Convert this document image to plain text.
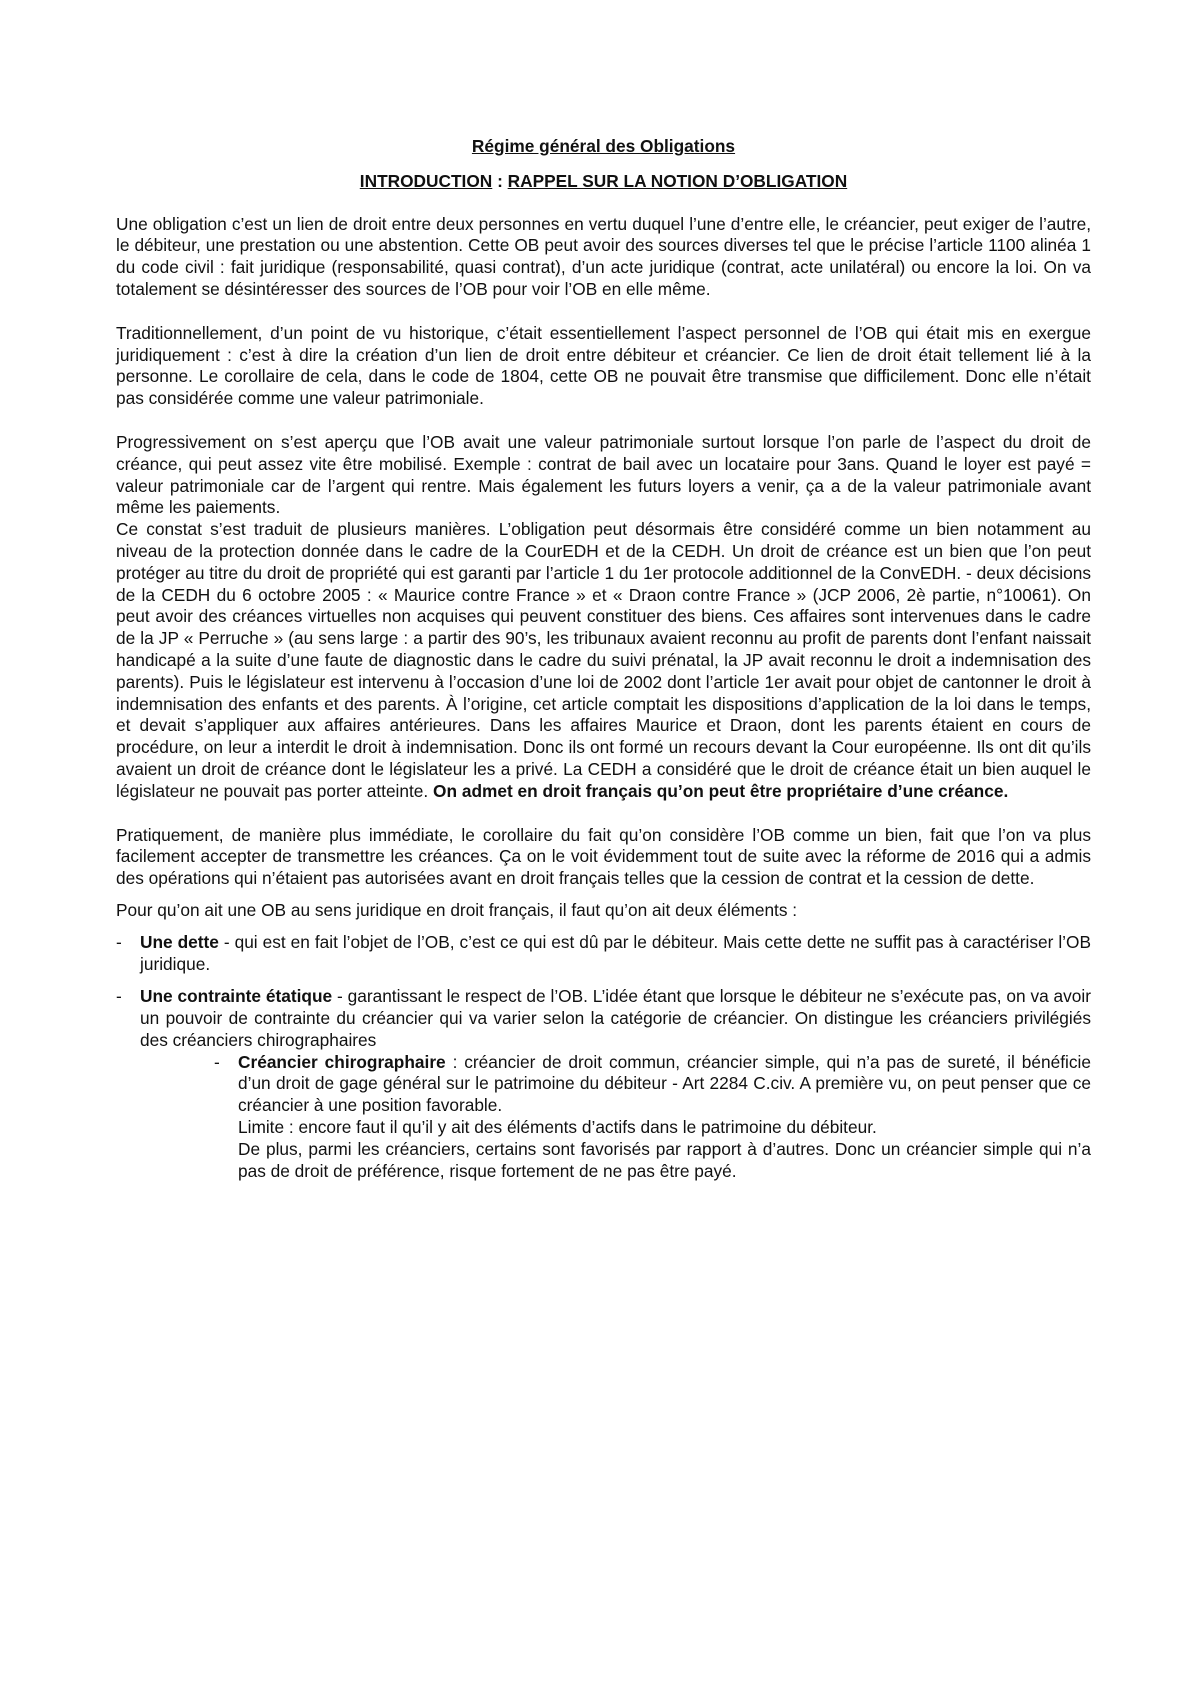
Régime général des Obligations
INTRODUCTION : RAPPEL SUR LA NOTION D’OBLIGATION

Une obligation c’est un lien de droit entre deux personnes en vertu duquel l’une d’entre elle, le créancier, peut exiger de l’autre, le débiteur, une prestation ou une abstention. Cette OB peut avoir des sources diverses tel que le précise l’article 1100 alinéa 1 du code civil : fait juridique (responsabilité, quasi contrat), d’un acte juridique (contrat, acte unilatéral) ou encore la loi. On va totalement se désintéresser des sources de l’OB pour voir l’OB en elle même.

Traditionnellement, d’un point de vu historique, c’était essentiellement l’aspect personnel de l’OB qui était mis en exergue juridiquement : c’est à dire la création d’un lien de droit entre débiteur et créancier. Ce lien de droit était tellement lié à la personne. Le corollaire de cela, dans le code de 1804, cette OB ne pouvait être transmise que difficilement. Donc elle n’était pas considérée comme une valeur patrimoniale.

Progressivement on s’est aperçu que l’OB avait une valeur patrimoniale surtout lorsque l’on parle de l’aspect du droit de créance, qui peut assez vite être mobilisé. Exemple : contrat de bail avec un locataire pour 3ans. Quand le loyer est payé = valeur patrimoniale car de l’argent qui rentre. Mais également les futurs loyers a venir, ça a de la valeur patrimoniale avant même les paiements.

Ce constat s’est traduit de plusieurs manières. L’obligation peut désormais être considéré comme un bien notamment au niveau de la protection donnée dans le cadre de la CourEDH et de la CEDH. Un droit de créance est un bien que l’on peut protéger au titre du droit de propriété qui est garanti par l’article 1 du 1er protocole additionnel de la ConvEDH. - deux décisions de la CEDH du 6 octobre 2005 : « Maurice contre France » et « Draon contre France » (JCP 2006, 2è partie, n°10061). On peut avoir des créances virtuelles non acquises qui peuvent constituer des biens. Ces affaires sont intervenues dans le cadre de la JP « Perruche » (au sens large : a partir des 90’s, les tribunaux avaient reconnu au profit de parents dont l’enfant naissait handicapé a la suite d’une faute de diagnostic dans le cadre du suivi prénatal, la JP avait reconnu le droit a indemnisation des parents). Puis le législateur est intervenu à l’occasion d’une loi de 2002 dont l’article 1er avait pour objet de cantonner le droit à indemnisation des enfants et des parents. À l’origine, cet article comptait les dispositions d’application de la loi dans le temps, et devait s’appliquer aux affaires antérieures. Dans les affaires Maurice et Draon, dont les parents étaient en cours de procédure, on leur a interdit le droit à indemnisation. Donc ils ont formé un recours devant la Cour européenne. Ils ont dit qu’ils avaient un droit de créance dont le législateur les a privé. La CEDH a considéré que le droit de créance était un bien auquel le législateur ne pouvait pas porter atteinte. On admet en droit français qu’on peut être propriétaire d’une créance.

Pratiquement, de manière plus immédiate, le corollaire du fait qu’on considère l’OB comme un bien, fait que l’on va plus facilement accepter de transmettre les créances. Ça on le voit évidemment tout de suite avec la réforme de 2016 qui a admis des opérations qui n’étaient pas autorisées avant en droit français telles que la cession de contrat et la cession de dette.

Pour qu’on ait une OB au sens juridique en droit français, il faut qu’on ait deux éléments :

- Une dette - qui est en fait l’objet de l’OB, c’est ce qui est dû par le débiteur. Mais cette dette ne suffit pas à caractériser l’OB juridique.
- Une contrainte étatique - garantissant le respect de l’OB. L’idée étant que lorsque le débiteur ne s’exécute pas, on va avoir un pouvoir de contrainte du créancier qui va varier selon la catégorie de créancier. On distingue les créanciers privilégiés des créanciers chirographaires
- Créancier chirographaire : créancier de droit commun, créancier simple, qui n’a pas de sureté, il bénéficie d’un droit de gage général sur le patrimoine du débiteur - Art 2284 C.civ. A première vu, on peut penser que ce créancier à une position favorable.
Limite : encore faut il qu’il y ait des éléments d’actifs dans le patrimoine du débiteur.
De plus, parmi les créanciers, certains sont favorisés par rapport à d’autres. Donc un créancier simple qui n’a pas de droit de préférence, risque fortement de ne pas être payé.
